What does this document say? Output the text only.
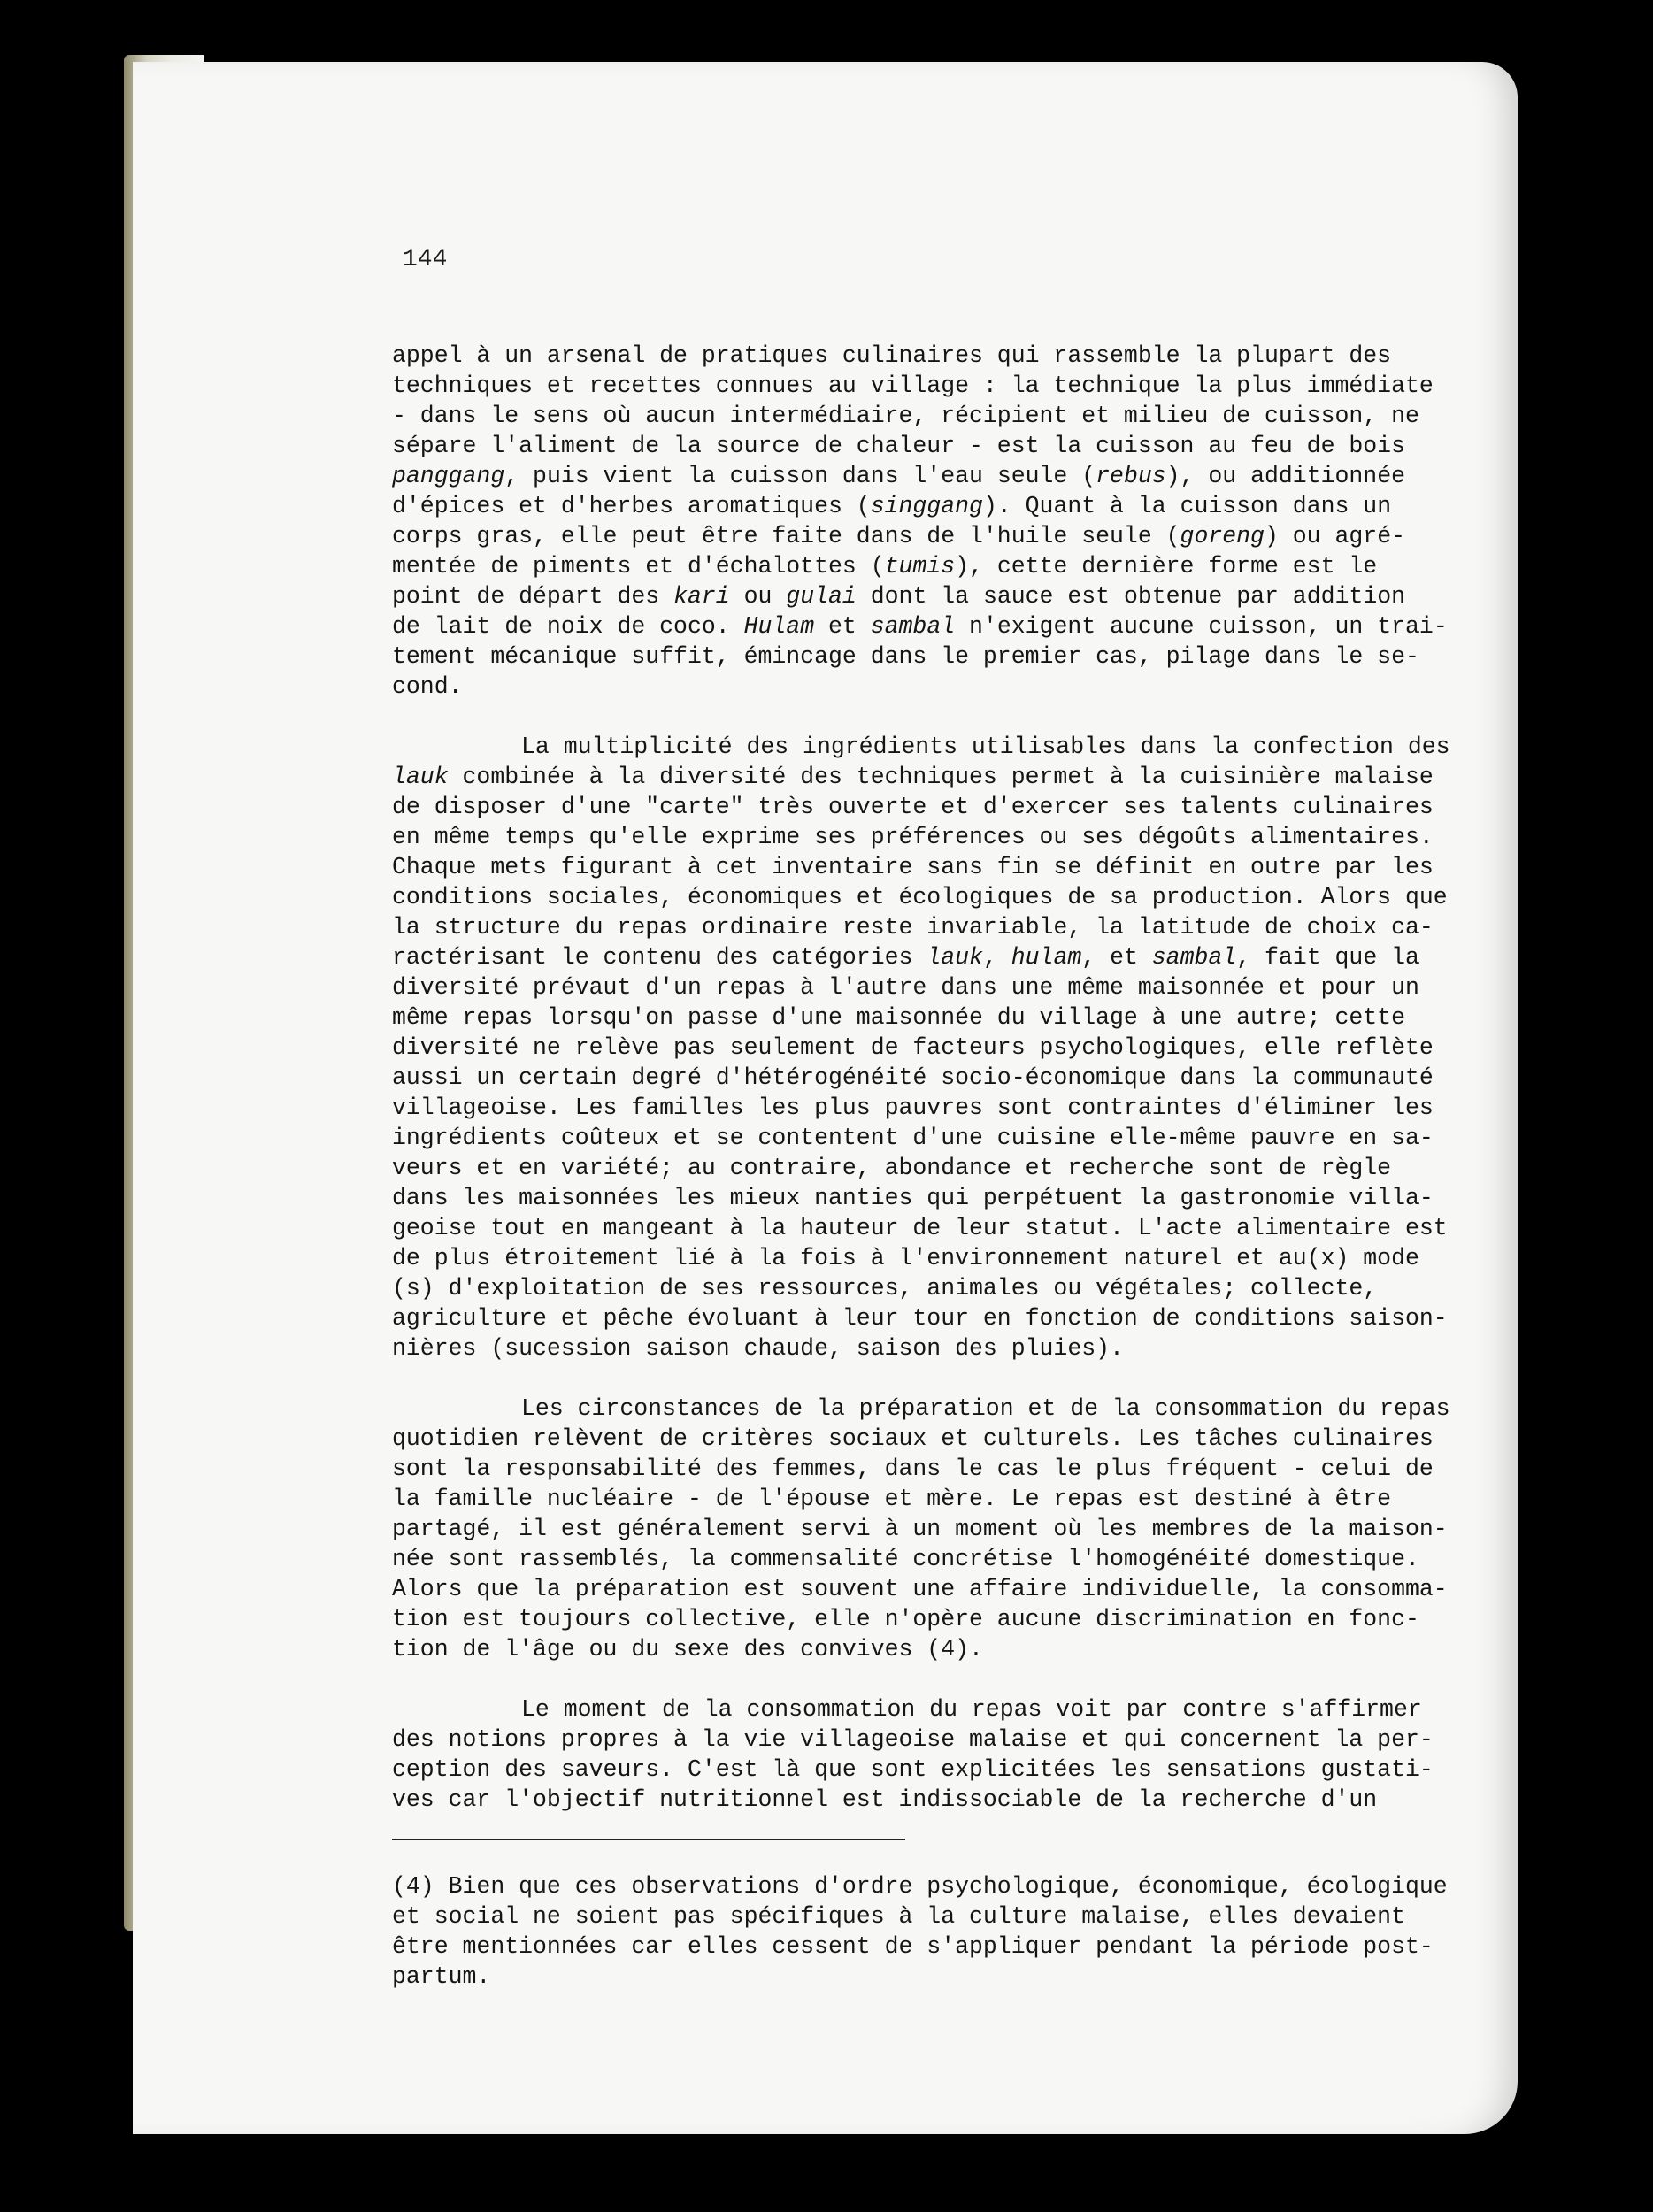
144
appel à un arsenal de pratiques culinaires qui rassemble la plupart des
techniques et recettes connues au village : la technique la plus immédiate
- dans le sens où aucun intermédiaire, récipient et milieu de cuisson, ne
sépare l'aliment de la source de chaleur - est la cuisson au feu de bois
panggang, puis vient la cuisson dans l'eau seule (rebus), ou additionnée
d'épices et d'herbes aromatiques (singgang). Quant à la cuisson dans un
corps gras, elle peut être faite dans de l'huile seule (goreng) ou agré-
mentée de piments et d'échalottes (tumis), cette dernière forme est le
point de départ des kari ou gulai dont la sauce est obtenue par addition
de lait de noix de coco. Hulam et sambal n'exigent aucune cuisson, un trai-
tement mécanique suffit, émincage dans le premier cas, pilage dans le se-
cond.
La multiplicité des ingrédients utilisables dans la confection des
lauk combinée à la diversité des techniques permet à la cuisinière malaise
de disposer d'une "carte" très ouverte et d'exercer ses talents culinaires
en même temps qu'elle exprime ses préférences ou ses dégoûts alimentaires.
Chaque mets figurant à cet inventaire sans fin se définit en outre par les
conditions sociales, économiques et écologiques de sa production. Alors que
la structure du repas ordinaire reste invariable, la latitude de choix ca-
ractérisant le contenu des catégories lauk, hulam, et sambal, fait que la
diversité prévaut d'un repas à l'autre dans une même maisonnée et pour un
même repas lorsqu'on passe d'une maisonnée du village à une autre; cette
diversité ne relève pas seulement de facteurs psychologiques, elle reflète
aussi un certain degré d'hétérogénéité socio-économique dans la communauté
villageoise. Les familles les plus pauvres sont contraintes d'éliminer les
ingrédients coûteux et se contentent d'une cuisine elle-même pauvre en sa-
veurs et en variété; au contraire, abondance et recherche sont de règle
dans les maisonnées les mieux nanties qui perpétuent la gastronomie villa-
geoise tout en mangeant à la hauteur de leur statut. L'acte alimentaire est
de plus étroitement lié à la fois à l'environnement naturel et au(x) mode
(s) d'exploitation de ses ressources, animales ou végétales; collecte,
agriculture et pêche évoluant à leur tour en fonction de conditions saison-
nières (sucession saison chaude, saison des pluies).
Les circonstances de la préparation et de la consommation du repas
quotidien relèvent de critères sociaux et culturels. Les tâches culinaires
sont la responsabilité des femmes, dans le cas le plus fréquent - celui de
la famille nucléaire - de l'épouse et mère. Le repas est destiné à être
partagé, il est généralement servi à un moment où les membres de la maison-
née sont rassemblés, la commensalité concrétise l'homogénéité domestique.
Alors que la préparation est souvent une affaire individuelle, la consomma-
tion est toujours collective, elle n'opère aucune discrimination en fonc-
tion de l'âge ou du sexe des convives (4).
Le moment de la consommation du repas voit par contre s'affirmer
des notions propres à la vie villageoise malaise et qui concernent la per-
ception des saveurs. C'est là que sont explicitées les sensations gustati-
ves car l'objectif nutritionnel est indissociable de la recherche d'un
(4) Bien que ces observations d'ordre psychologique, économique, écologique
et social ne soient pas spécifiques à la culture malaise, elles devaient
être mentionnées car elles cessent de s'appliquer pendant la période post-
partum.
